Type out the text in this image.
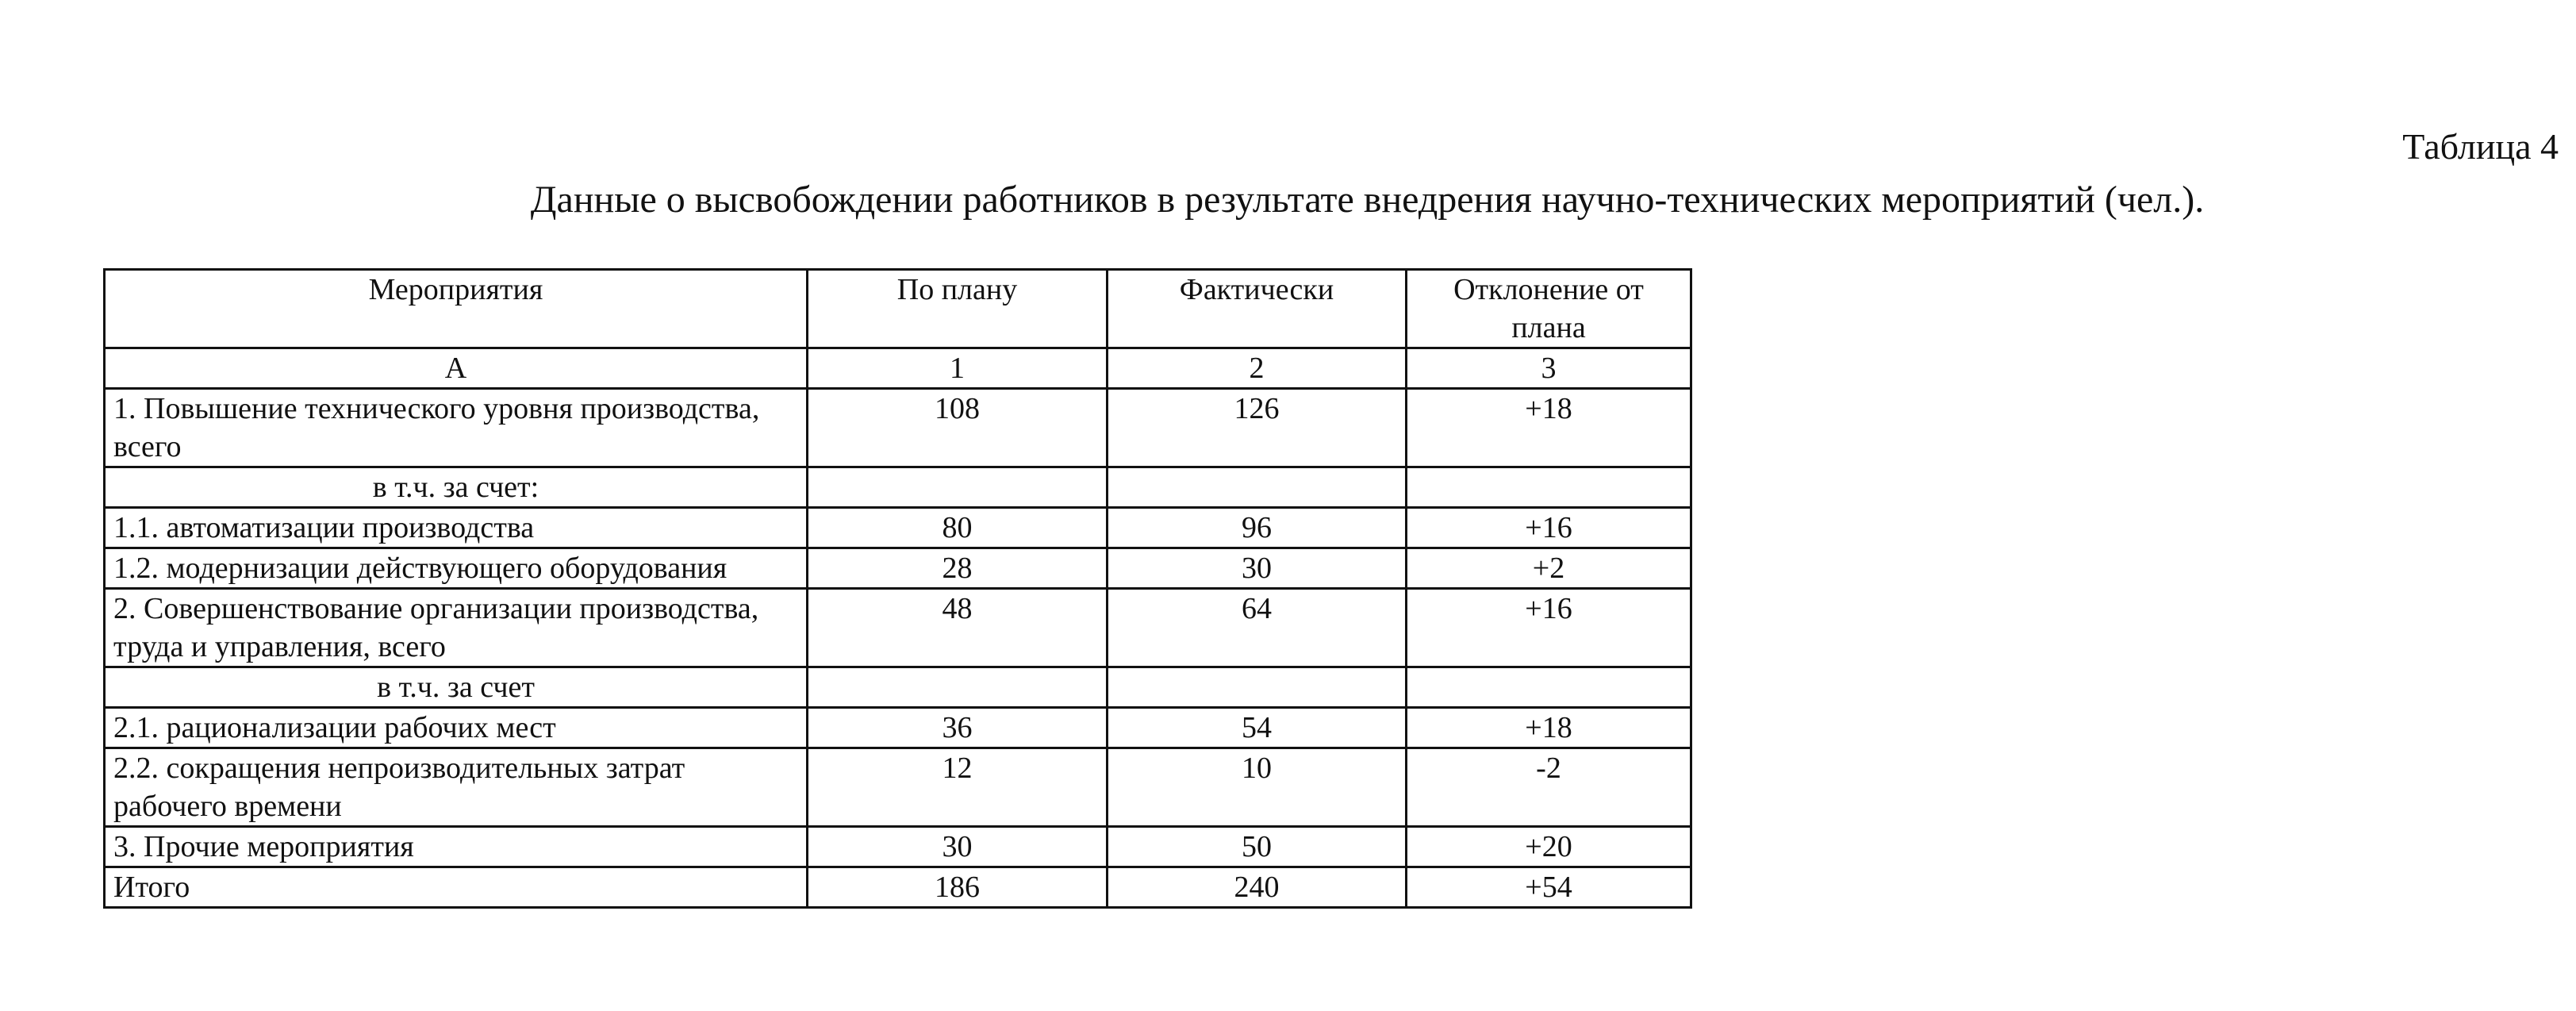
Таблица 4
Данные о высвобождении работников в результате внедрения научно-технических мероприятий (чел.).
Мероприятия	По плану	Фактически	Отклонение от плана
А	1	2	3
1. Повышение технического уровня производства, всего	108	126	+18
в т.ч. за счет:			
1.1. автоматизации производства	80	96	+16
1.2. модернизации действующего оборудования	28	30	+2
2. Совершенствование организации производства, труда и управления, всего	48	64	+16
в т.ч. за счет			
2.1. рационализации рабочих мест	36	54	+18
2.2. сокращения непроизводительных затрат рабочего времени	12	10	-2
3. Прочие мероприятия	30	50	+20
Итого	186	240	+54
